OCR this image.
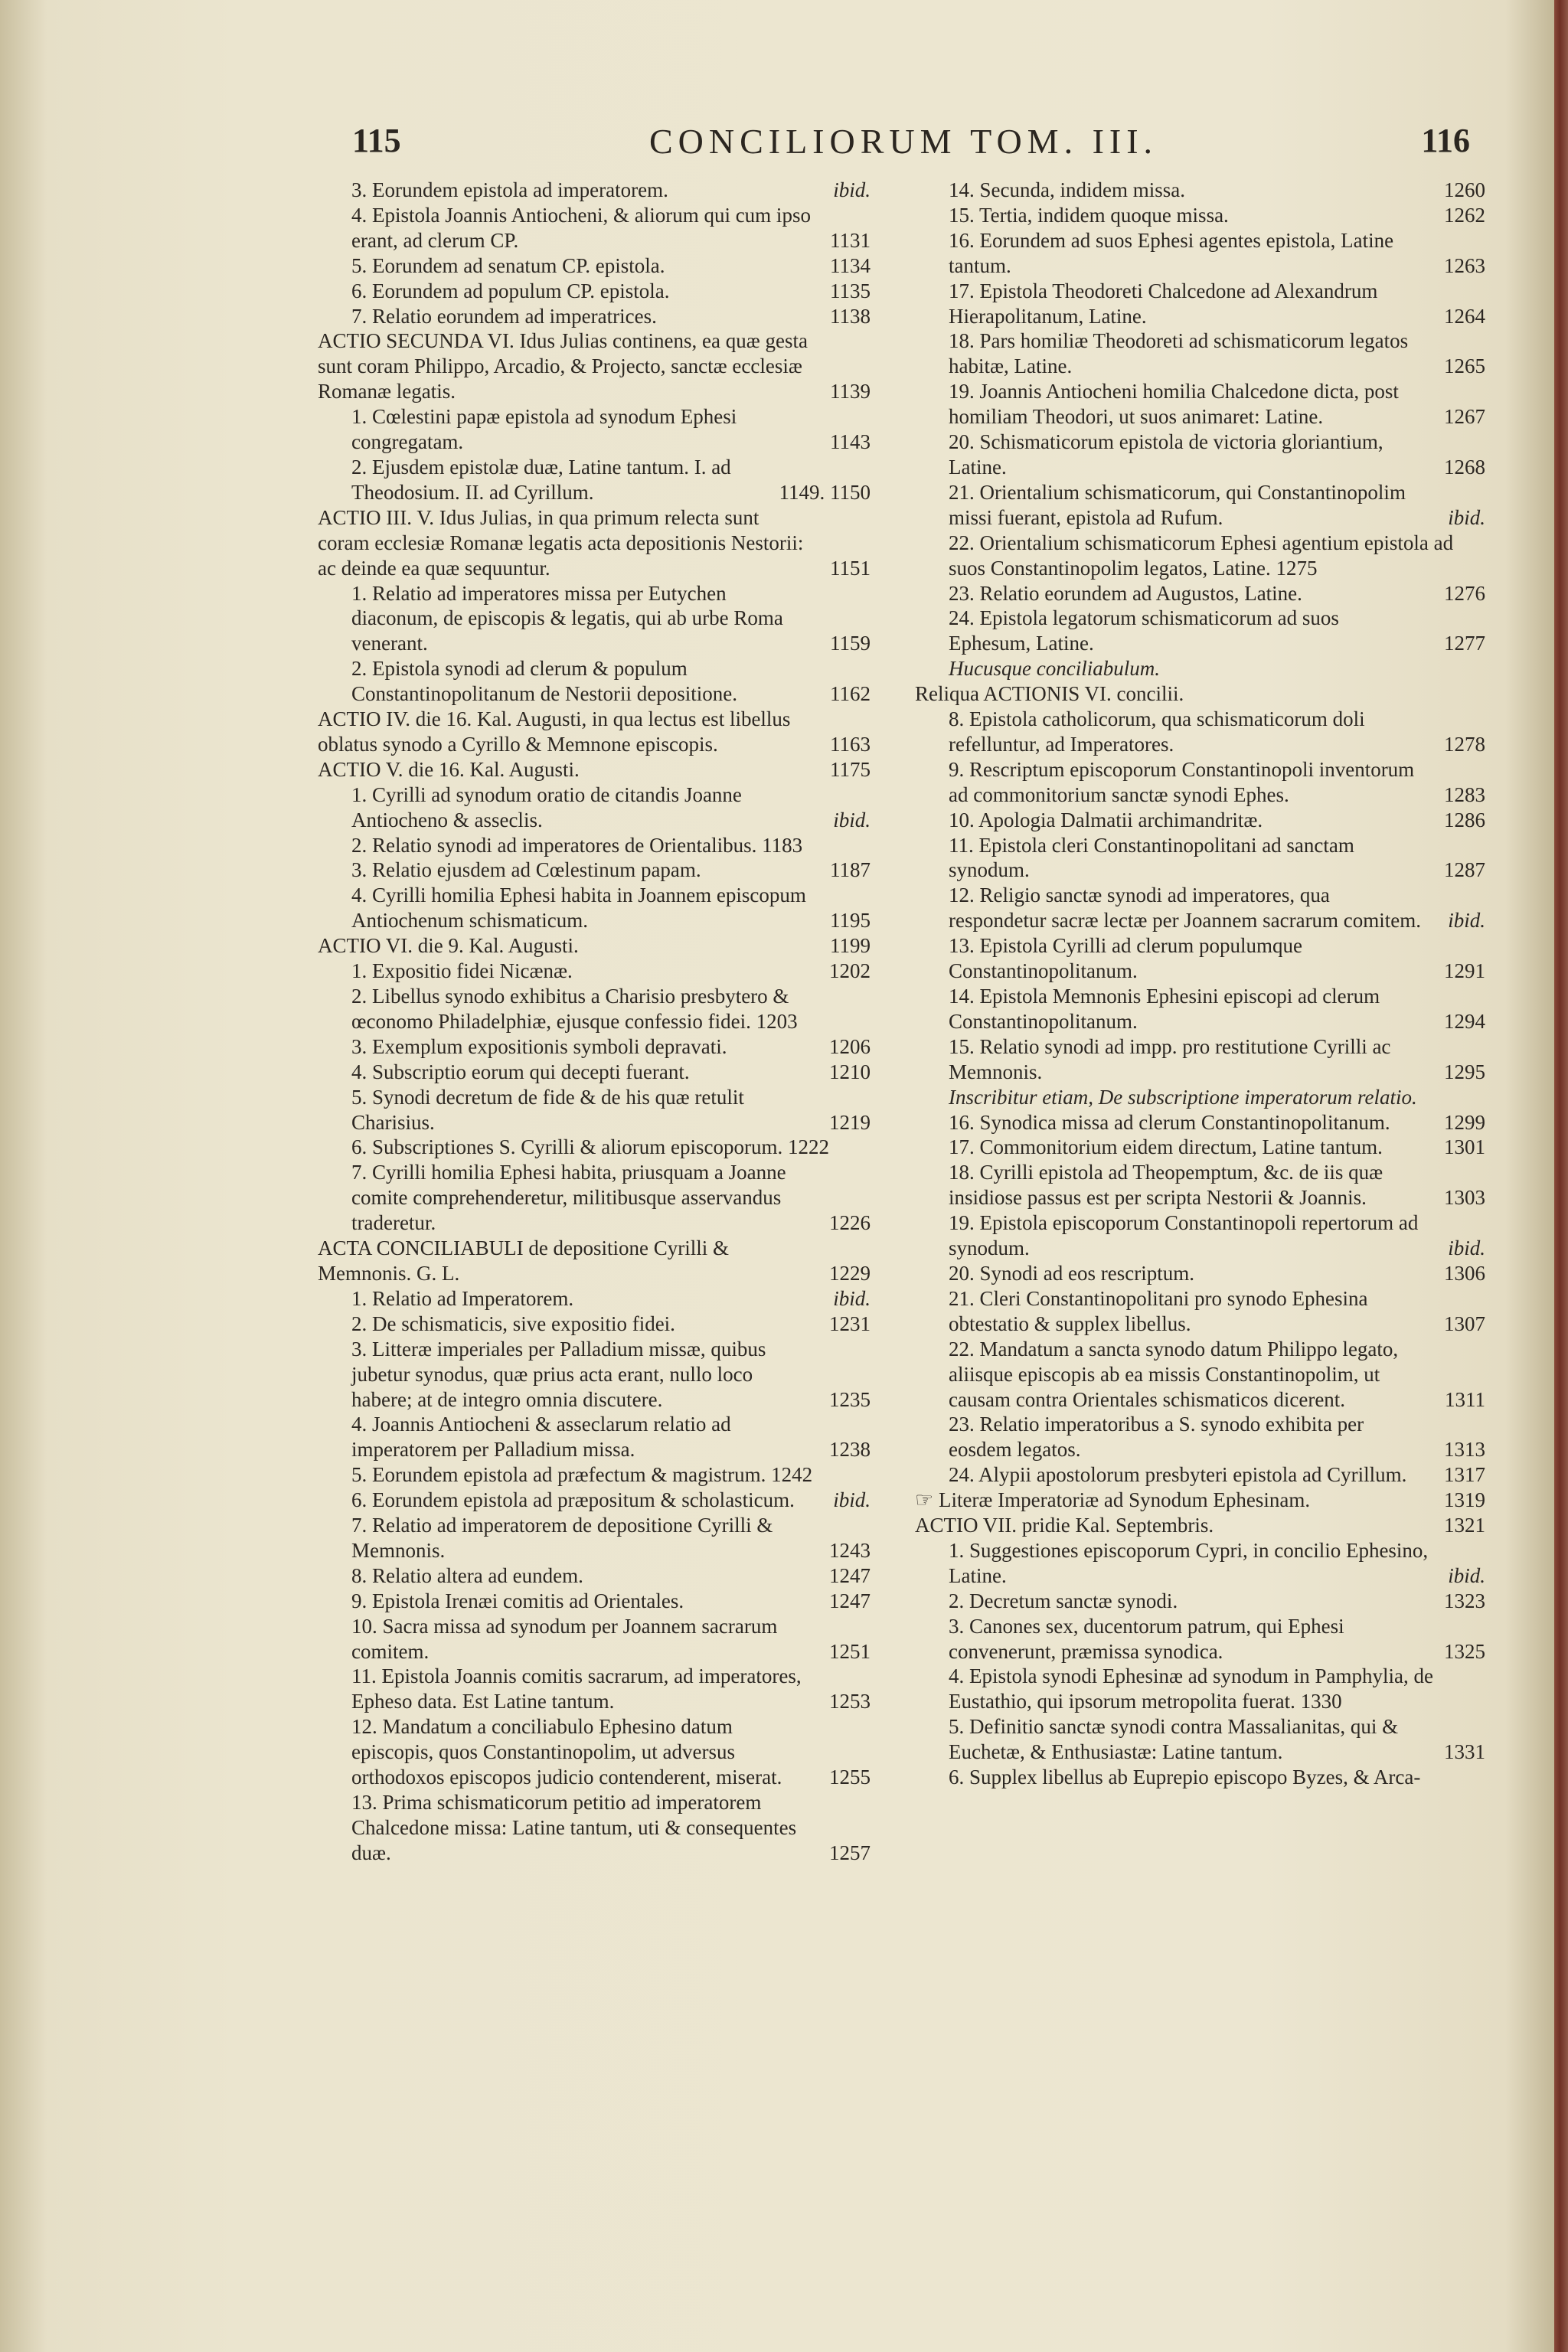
115	CONCILIORUM TOM. III.	116
3. Eorundem epistola ad imperatorem.	ibid.
4. Epistola Joannis Antiocheni, & aliorum qui cum ipso erant, ad clerum CP.	1131
5. Eorundem ad senatum CP. epistola.	1134
6. Eorundem ad populum CP. epistola.	1135
7. Relatio eorundem ad imperatrices.	1138
ACTIO SECUNDA VI. Idus Julias continens, ea quæ gesta sunt coram Philippo, Arcadio, & Projecto, sanctæ ecclesiæ Romanæ legatis.	1139
1. Cœlestini papæ epistola ad synodum Ephesi congregatam.	1143
2. Ejusdem epistolæ duæ, Latine tantum. I. ad Theodosium. II. ad Cyrillum.	1149. 1150
ACTIO III. V. Idus Julias, in qua primum relecta sunt coram ecclesiæ Romanæ legatis acta depositionis Nestorii: ac deinde ea quæ sequuntur.	1151
1. Relatio ad imperatores missa per Eutychen diaconum, de episcopis & legatis, qui ab urbe Roma venerant.	1159
2. Epistola synodi ad clerum & populum Constantinopolitanum de Nestorii depositione.	1162
ACTIO IV. die 16. Kal. Augusti, in qua lectus est libellus oblatus synodo a Cyrillo & Memnone episcopis.	1163
ACTIO V. die 16. Kal. Augusti.	1175
1. Cyrilli ad synodum oratio de citandis Joanne Antiocheno & asseclis.	ibid.
2. Relatio synodi ad imperatores de Orientalibus. 1183
3. Relatio ejusdem ad Cœlestinum papam.	1187
4. Cyrilli homilia Ephesi habita in Joannem episcopum Antiochenum schismaticum.	1195
ACTIO VI. die 9. Kal. Augusti.	1199
1. Expositio fidei Nicænæ.	1202
2. Libellus synodo exhibitus a Charisio presbytero & œconomo Philadelphiæ, ejusque confessio fidei. 1203
3. Exemplum expositionis symboli depravati.	1206
4. Subscriptio eorum qui decepti fuerant.	1210
5. Synodi decretum de fide & de his quæ retulit Charisius.	1219
6. Subscriptiones S. Cyrilli & aliorum episcoporum. 1222
7. Cyrilli homilia Ephesi habita, priusquam a Joanne comite comprehenderetur, militibusque asservandus traderetur.	1226
ACTA CONCILIABULI de depositione Cyrilli & Memnonis. G. L.	1229
1. Relatio ad Imperatorem.	ibid.
2. De schismaticis, sive expositio fidei.	1231
3. Litteræ imperiales per Palladium missæ, quibus jubetur synodus, quæ prius acta erant, nullo loco habere; at de integro omnia discutere.	1235
4. Joannis Antiocheni & asseclarum relatio ad imperatorem per Palladium missa.	1238
5. Eorundem epistola ad præfectum & magistrum. 1242
6. Eorundem epistola ad præpositum & scholasticum.	ibid.
7. Relatio ad imperatorem de depositione Cyrilli & Memnonis.	1243
8. Relatio altera ad eundem.	1247
9. Epistola Irenæi comitis ad Orientales.	1247
10. Sacra missa ad synodum per Joannem sacrarum comitem.	1251
11. Epistola Joannis comitis sacrarum, ad imperatores, Epheso data. Est Latine tantum.	1253
12. Mandatum a conciliabulo Ephesino datum episcopis, quos Constantinopolim, ut adversus orthodoxos episcopos judicio contenderent, miserat.	1255
13. Prima schismaticorum petitio ad imperatorem Chalcedone missa: Latine tantum, uti & consequentes duæ.	1257
14. Secunda, indidem missa.	1260
15. Tertia, indidem quoque missa.	1262
16. Eorundem ad suos Ephesi agentes epistola, Latine tantum.	1263
17. Epistola Theodoreti Chalcedone ad Alexandrum Hierapolitanum, Latine.	1264
18. Pars homiliæ Theodoreti ad schismaticorum legatos habitæ, Latine.	1265
19. Joannis Antiocheni homilia Chalcedone dicta, post homiliam Theodori, ut suos animaret: Latine.	1267
20. Schismaticorum epistola de victoria gloriantium, Latine.	1268
21. Orientalium schismaticorum, qui Constantinopolim missi fuerant, epistola ad Rufum.	ibid.
22. Orientalium schismaticorum Ephesi agentium epistola ad suos Constantinopolim legatos, Latine. 1275
23. Relatio eorundem ad Augustos, Latine.	1276
24. Epistola legatorum schismaticorum ad suos Ephesum, Latine.	1277
Hucusque conciliabulum.
Reliqua ACTIONIS VI. concilii.
8. Epistola catholicorum, qua schismaticorum doli refelluntur, ad Imperatores.	1278
9. Rescriptum episcoporum Constantinopoli inventorum ad commonitorium sanctæ synodi Ephes.	1283
10. Apologia Dalmatii archimandritæ.	1286
11. Epistola cleri Constantinopolitani ad sanctam synodum.	1287
12. Religio sanctæ synodi ad imperatores, qua respondetur sacræ lectæ per Joannem sacrarum comitem.	ibid.
13. Epistola Cyrilli ad clerum populumque Constantinopolitanum.	1291
14. Epistola Memnonis Ephesini episcopi ad clerum Constantinopolitanum.	1294
15. Relatio synodi ad impp. pro restitutione Cyrilli ac Memnonis.	1295
Inscribitur etiam, De subscriptione imperatorum relatio.
16. Synodica missa ad clerum Constantinopolitanum.	1299
17. Commonitorium eidem directum, Latine tantum.	1301
18. Cyrilli epistola ad Theopemptum, &c. de iis quæ insidiose passus est per scripta Nestorii & Joannis.	1303
19. Epistola episcoporum Constantinopoli repertorum ad synodum.	ibid.
20. Synodi ad eos rescriptum.	1306
21. Cleri Constantinopolitani pro synodo Ephesina obtestatio & supplex libellus.	1307
22. Mandatum a sancta synodo datum Philippo legato, aliisque episcopis ab ea missis Constantinopolim, ut causam contra Orientales schismaticos dicerent.	1311
23. Relatio imperatoribus a S. synodo exhibita per eosdem legatos.	1313
24. Alypii apostolorum presbyteri epistola ad Cyrillum.	1317
☞ Literæ Imperatoriæ ad Synodum Ephesinam.	1319
ACTIO VII. pridie Kal. Septembris.	1321
1. Suggestiones episcoporum Cypri, in concilio Ephesino, Latine.	ibid.
2. Decretum sanctæ synodi.	1323
3. Canones sex, ducentorum patrum, qui Ephesi convenerunt, præmissa synodica.	1325
4. Epistola synodi Ephesinæ ad synodum in Pamphylia, de Eustathio, qui ipsorum metropolita fuerat. 1330
5. Definitio sanctæ synodi contra Massalianitas, qui & Euchetæ, & Enthusiastæ: Latine tantum.	1331
6. Supplex libellus ab Euprepio episcopo Byzes, & Arca-
